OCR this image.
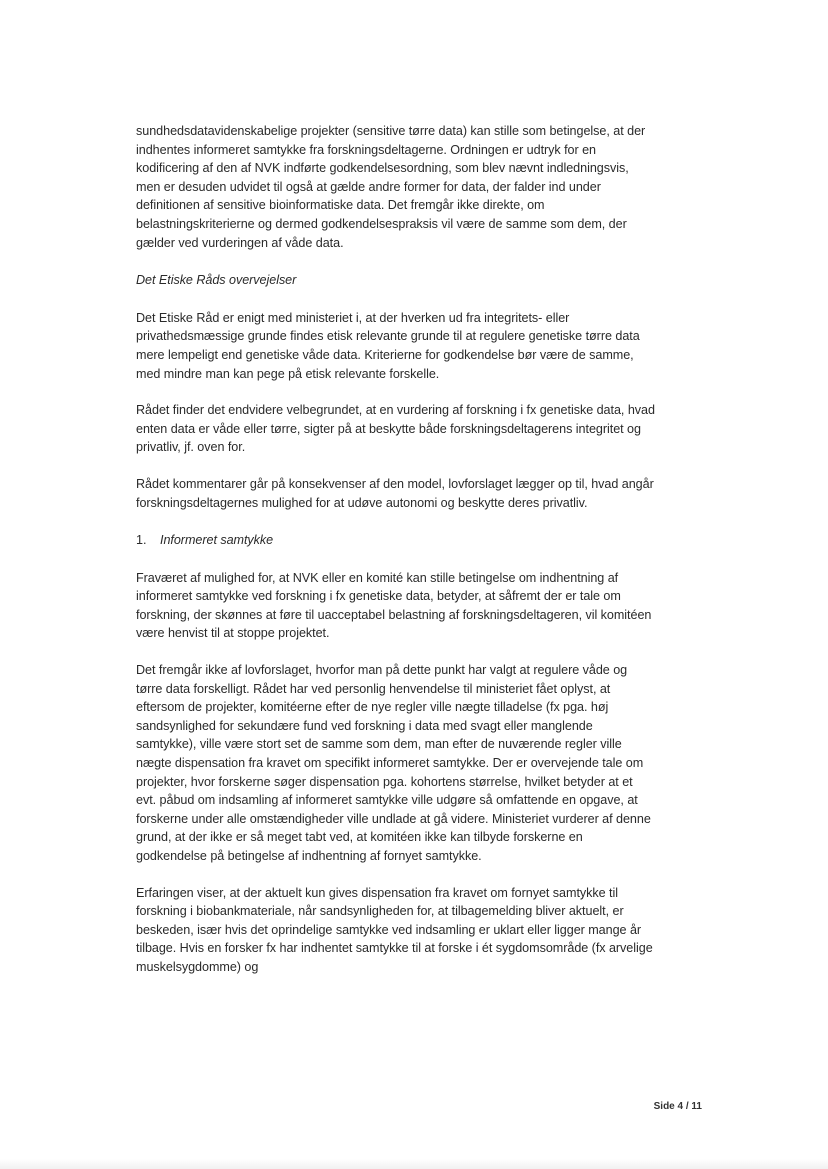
sundhedsdatavidenskabelige projekter (sensitive tørre data) kan stille som betingelse, at der indhentes informeret samtykke fra forskningsdeltagerne. Ordningen er udtryk for en kodificering af den af NVK indførte godkendelsesordning, som blev nævnt indledningsvis, men er desuden udvidet til også at gælde andre former for data, der falder ind under definitionen af sensitive bioinformatiske data. Det fremgår ikke direkte, om belastningskriterierne og dermed godkendelsespraksis vil være de samme som dem, der gælder ved vurderingen af våde data.

Det Etiske Råds overvejelser

Det Etiske Råd er enigt med ministeriet i, at der hverken ud fra integritets- eller privathedsmæssige grunde findes etisk relevante grunde til at regulere genetiske tørre data mere lempeligt end genetiske våde data. Kriterierne for godkendelse bør være de samme, med mindre man kan pege på etisk relevante forskelle.

Rådet finder det endvidere velbegrundet, at en vurdering af forskning i fx genetiske data, hvad enten data er våde eller tørre, sigter på at beskytte både forskningsdeltagerens integritet og privatliv, jf. oven for.

Rådet kommentarer går på konsekvenser af den model, lovforslaget lægger op til, hvad angår forskningsdeltagernes mulighed for at udøve autonomi og beskytte deres privatliv.

1. Informeret samtykke

Fraværet af mulighed for, at NVK eller en komité kan stille betingelse om indhentning af informeret samtykke ved forskning i fx genetiske data, betyder, at såfremt der er tale om forskning, der skønnes at føre til uacceptabel belastning af forskningsdeltageren, vil komitéen være henvist til at stoppe projektet.

Det fremgår ikke af lovforslaget, hvorfor man på dette punkt har valgt at regulere våde og tørre data forskelligt. Rådet har ved personlig henvendelse til ministeriet fået oplyst, at eftersom de projekter, komitéerne efter de nye regler ville nægte tilladelse (fx pga. høj sandsynlighed for sekundære fund ved forskning i data med svagt eller manglende samtykke), ville være stort set de samme som dem, man efter de nuværende regler ville nægte dispensation fra kravet om specifikt informeret samtykke. Der er overvejende tale om projekter, hvor forskerne søger dispensation pga. kohortens størrelse, hvilket betyder at et evt. påbud om indsamling af informeret samtykke ville udgøre så omfattende en opgave, at forskerne under alle omstændigheder ville undlade at gå videre. Ministeriet vurderer af denne grund, at der ikke er så meget tabt ved, at komitéen ikke kan tilbyde forskerne en godkendelse på betingelse af indhentning af fornyet samtykke.

Erfaringen viser, at der aktuelt kun gives dispensation fra kravet om fornyet samtykke til forskning i biobankmateriale, når sandsynligheden for, at tilbagemelding bliver aktuelt, er beskeden, især hvis det oprindelige samtykke ved indsamling er uklart eller ligger mange år tilbage. Hvis en forsker fx har indhentet samtykke til at forske i ét sygdomsområde (fx arvelige muskelsygdomme) og

Side 4 / 11
